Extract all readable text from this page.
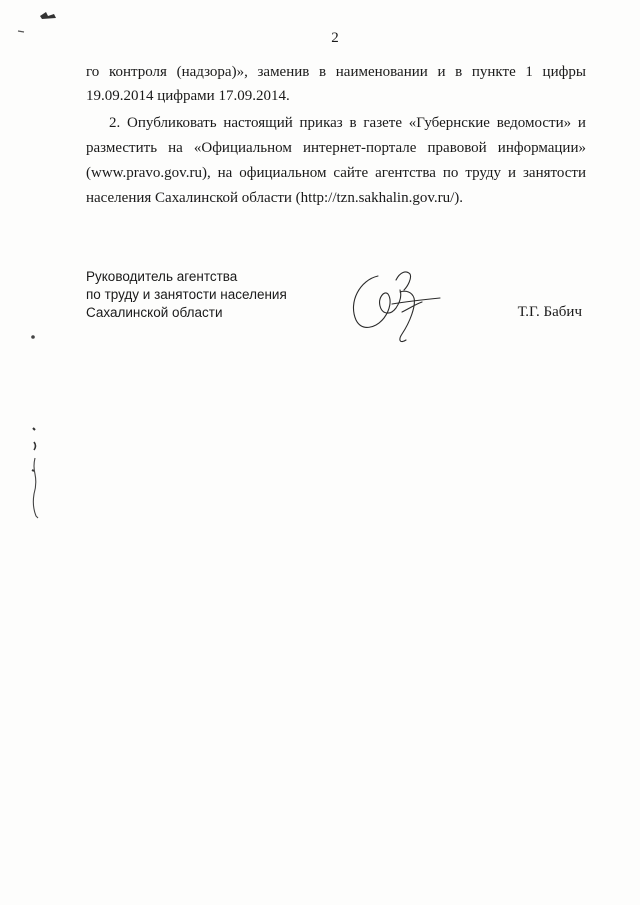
2
го контроля (надзора)», заменив в наименовании и в пункте 1 цифры
19.09.2014 цифрами 17.09.2014.
2. Опубликовать настоящий приказ в газете «Губернские ведомости» и
разместить на «Официальном интернет-портале правовой информации»
(www.pravo.gov.ru), на официальном сайте агентства по труду и занятости
населения Сахалинской области (http://tzn.sakhalin.gov.ru/).
Руководитель агентства
по труду и занятости населения
Сахалинской области	Т.Г. Бабич
